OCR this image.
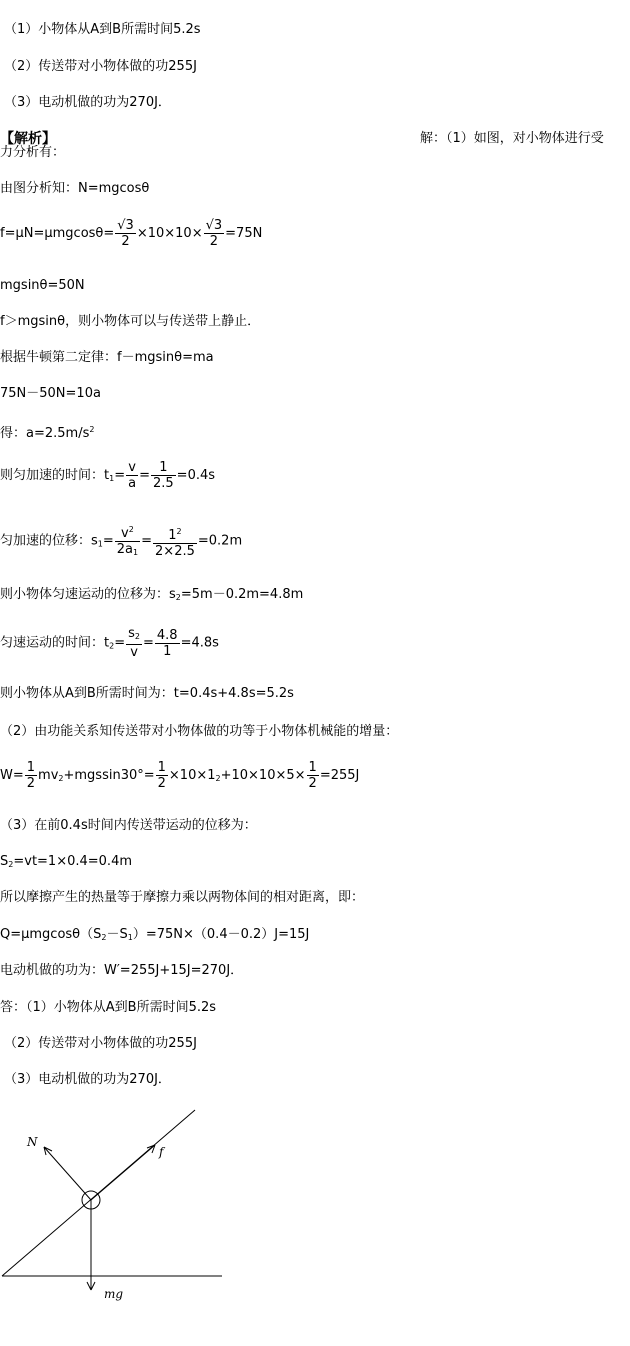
（1）小物体从A到B所需时间5.2s
（2）传送带对小物体做的功255J
（3）电动机做的功为270J．
【解析】	解：（1）如图，对小物体进行受
力分析有：
由图分析知：N=mgcosθ
$f=\mu N=\mu mgcos\theta= \frac{√3}{2} \times 10\times 10\times \frac{√3}{2} =75N$
mgsinθ=50N
f＞mgsinθ，则小物体可以与传送带上静止．
根据牛顿第二定律：f－mgsinθ=ma
75N－50N=10a
得：$a=2.5m/s^2$
则匀加速的时间：$t_1= \frac{v}{a} = \frac{1}{2.5} =0.4s$
匀加速的位移：$s_1= \frac{v^2}{2a_1} = \frac{1^2}{2\times 2.5} =0.2m$
则小物体匀速运动的位移为：$s_2=5m-0.2m=4.8m$
匀速运动的时间：$t_2= \frac{s_2}{v} = \frac{4.8}{1} =4.8s$
则小物体从A到B所需时间为：t=0.4s+4.8s=5.2s
（2）由功能关系知传送带对小物体做的功等于小物体机械能的增量：
$W= \frac{1}{2} mv_2+mgssin30^\circ= \frac{1}{2} \times 10\times 1_2+10\times 10\times 5\times \frac{1}{2} =255J$
（3）在前0.4s时间内传送带运动的位移为：
$S_2=vt=1\times 0.4=0.4m$
所以摩擦产生的热量等于摩擦力乘以两物体间的相对距离，即：
$Q=\mu mgcos\theta(S_2-S_1)=75N\times(0.4-0.2)J=15J$
电动机做的功为：W′=255J+15J=270J．
答：（1）小物体从A到B所需时间5.2s
（2）传送带对小物体做的功255J
（3）电动机做的功为270J．
N
f
mg
